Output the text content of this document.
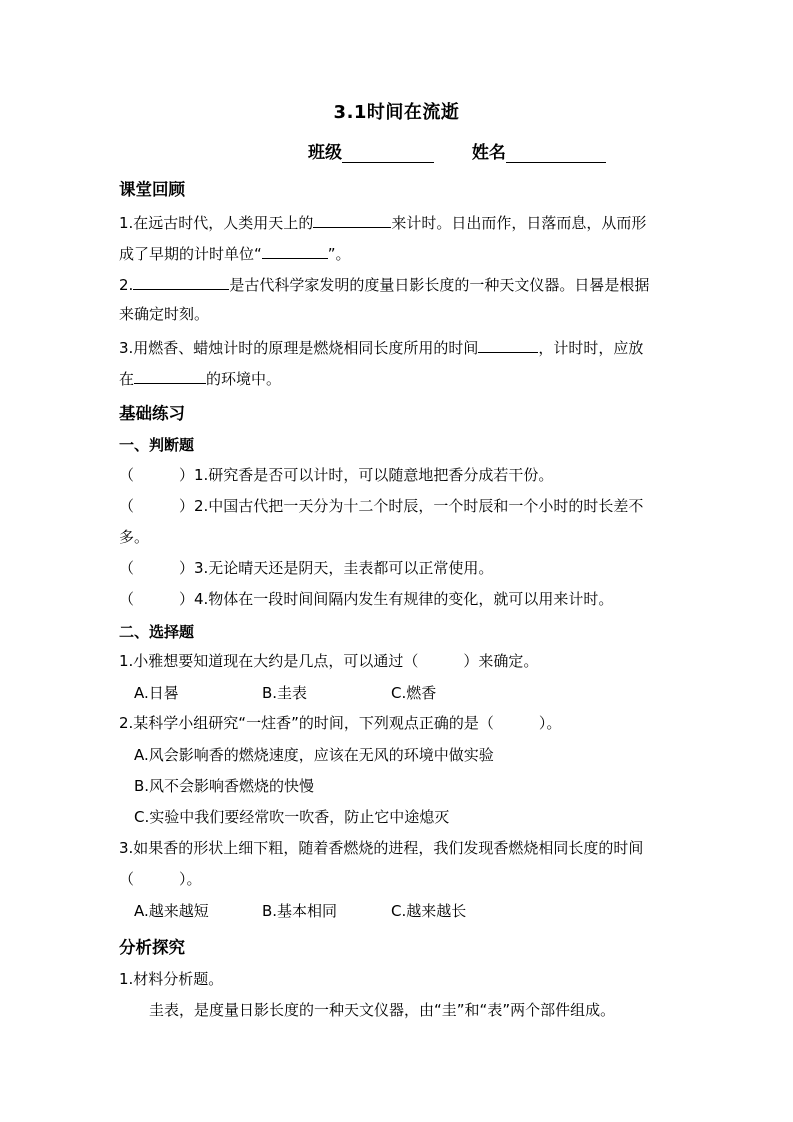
3.1时间在流逝
班级	姓名
课堂回顾
1.在远古时代，人类用天上的	来计时。日出而作，日落而息，从而形
成了早期的计时单位“	”。
2.	是古代科学家发明的度量日影长度的一种天文仪器。日晷是根据
来确定时刻。
3.用燃香、蜡烛计时的原理是燃烧相同长度所用的时间	，计时时，应放
在	的环境中。
基础练习
一、判断题
（　　　）1.研究香是否可以计时，可以随意地把香分成若干份。
（　　　）2.中国古代把一天分为十二个时辰，一个时辰和一个小时的时长差不
多。
（　　　）3.无论晴天还是阴天，圭表都可以正常使用。
（　　　）4.物体在一段时间间隔内发生有规律的变化，就可以用来计时。
二、选择题
1.小雅想要知道现在大约是几点，可以通过（　　　）来确定。
A.日晷	B.圭表	C.燃香
2.某科学小组研究“一炷香”的时间，下列观点正确的是（　　　）。
A.风会影响香的燃烧速度，应该在无风的环境中做实验
B.风不会影响香燃烧的快慢
C.实验中我们要经常吹一吹香，防止它中途熄灭
3.如果香的形状上细下粗，随着香燃烧的进程，我们发现香燃烧相同长度的时间
（　　　）。
A.越来越短	B.基本相同	C.越来越长
分析探究
1.材料分析题。
圭表，是度量日影长度的一种天文仪器，由“圭”和“表”两个部件组成。
